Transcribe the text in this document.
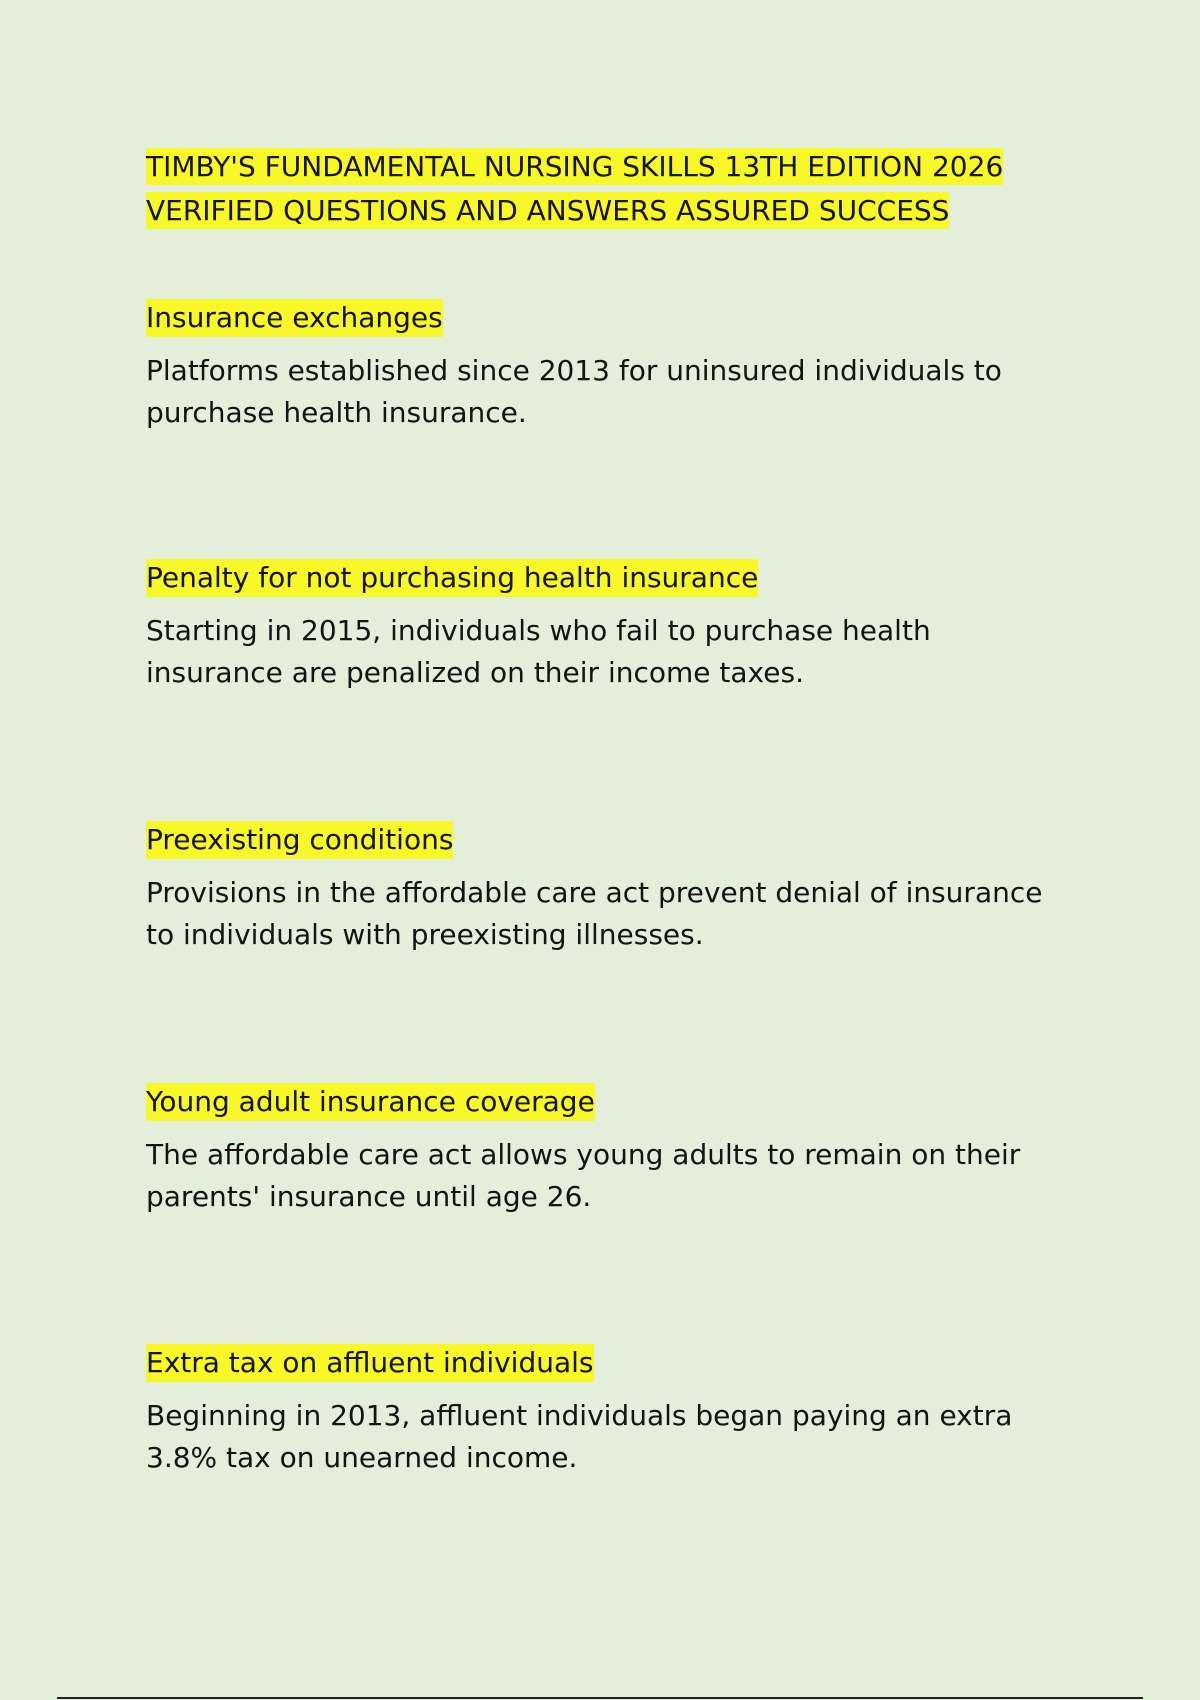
TIMBY'S FUNDAMENTAL NURSING SKILLS 13TH EDITION 2026 VERIFIED QUESTIONS AND ANSWERS ASSURED SUCCESS
Insurance exchanges

Platforms established since 2013 for uninsured individuals to purchase health insurance.

Penalty for not purchasing health insurance

Starting in 2015, individuals who fail to purchase health insurance are penalized on their income taxes.

Preexisting conditions

Provisions in the affordable care act prevent denial of insurance to individuals with preexisting illnesses.

Young adult insurance coverage

The affordable care act allows young adults to remain on their parents' insurance until age 26.

Extra tax on affluent individuals

Beginning in 2013, affluent individuals began paying an extra 3.8% tax on unearned income.
